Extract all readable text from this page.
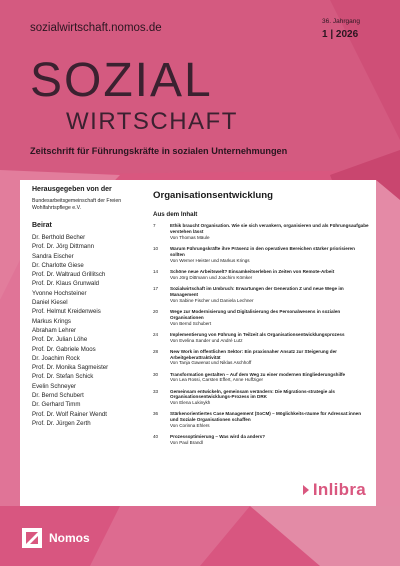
sozialwirtschaft.nomos.de
36. Jahrgang
1 | 2026
SOZIAL
WIRTSCHAFT
Zeitschrift für Führungskräfte in sozialen Unternehmungen
Herausgegeben von der
Bundesarbeitsgemeinschaft der Freien Wohlfahrtspflege e.V.
Beirat
Dr. Berthold Becher
Prof. Dr. Jörg Dittmann
Sandra Eischer
Dr. Charlotte Giese
Prof. Dr. Waltraud Grillitsch
Prof. Dr. Klaus Grunwald
Yvonne Hochsteiner
Daniel Kiesel
Prof. Helmut Kreidenweis
Markus Krings
Abraham Lehrer
Prof. Dr. Julian Löhe
Prof. Dr. Gabriele Moos
Dr. Joachim Rock
Prof. Dr. Monika Sagmeister
Prof. Dr. Stefan Schick
Evelin Schneyer
Dr. Bernd Schubert
Dr. Gerhard Timm
Prof. Dr. Wolf Rainer Wendt
Prof. Dr. Jürgen Zerth
Organisationsentwicklung
Aus dem Inhalt
7	Ethik braucht Organisation. Wie sie sich verankern, organisieren und als Führungsaufgabe verstehen lässt
Von Thomas Mäule
10	Warum Führungskräfte ihre Präsenz in den operativen Bereichen stärker priorisieren sollten
Von Werner Heister und Markus Krings
14	Schöne neue Arbeitswelt? Einsamkeitserleben in Zeiten von Remote-Arbeit
Von Jörg Dittmann und Joachim Kömker
17	Sozialwirtschaft im Umbruch: Erwartungen der Generation Z und neue Wege im Management
Von Sabine Fischer und Daniela Lechner
20	Wege zur Modernisierung und Digitalisierung des Personalwesens in sozialen Organisationen
Von Bernd Schubert
24	Implementierung von Führung in Teilzeit als Organisationsentwicklungsprozess
Von Evelina Sander und André Lutz
28	New Work im öffentlichen Sektor: Ein praxisnaher Ansatz zur Steigerung der Arbeitgeberattraktivität
Von Tanja Gawenat und Niklas Aschhoff
30	Transformation gestalten – Auf dem Weg zu einer modernen Eingliederungshilfe
Von Lea Rossi, Carsten Effert, Anne Huffziger
33	Gemeinsam entwickeln, gemeinsam verändern: Die Migrations-strategie als Organisationsentwicklungs-Prozess im DRK
Von Elena Lukinykh
36	Stärkenorientiertes Case Management (SoCM) – Möglichkeits-räume für Adressat:innen und Soziale Organisationen schaffen
Von Corinna Ehlers
40	Prozessoptimierung – Was wird da anders?
Von Paul Brandl
Inlibra
Nomos
